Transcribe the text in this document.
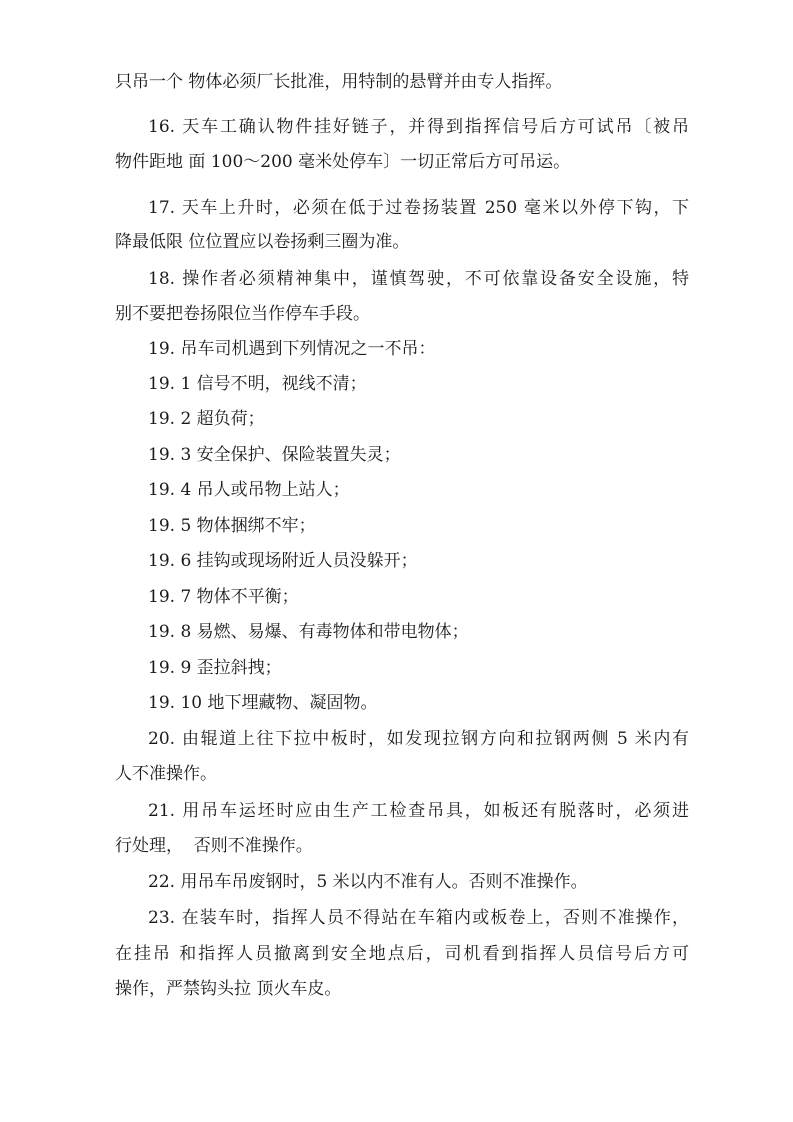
只吊一个 物体必须厂长批准，用特制的悬臂并由专人指挥。

16. 天车工确认物件挂好链子，并得到指挥信号后方可试吊〔被吊

物件距地 面 100〜200 毫米处停车〕一切正常后方可吊运。

17. 天车上升时，必须在低于过卷扬装置 250 毫米以外停下钩，下

降最低限 位位置应以卷扬剩三圈为准。

18. 操作者必须精神集中，谨慎驾驶，不可依靠设备安全设施，特

别不要把卷扬限位当作停车手段。

19. 吊车司机遇到下列情况之一不吊：

19. 1 信号不明，视线不清；

19. 2 超负荷；

19. 3 安全保护、保险装置失灵；

19. 4 吊人或吊物上站人；

19. 5 物体捆绑不牢；

19. 6 挂钩或现场附近人员没躲开；

19. 7 物体不平衡；

19. 8 易燃、易爆、有毒物体和带电物体；

19. 9 歪拉斜拽；

19. 10 地下埋藏物、凝固物。

20. 由辊道上往下拉中板时，如发现拉钢方向和拉钢两侧 5 米内有

人不准操作。

21. 用吊车运坯时应由生产工检查吊具，如板还有脱落时，必须进

行处理，  否则不准操作。

22. 用吊车吊废钢时，5 米以内不准有人。否则不准操作。

23. 在装车时，指挥人员不得站在车箱内或板卷上，否则不准操作，

在挂吊 和指挥人员撤离到安全地点后，司机看到指挥人员信号后方可

操作，严禁钩头拉 顶火车皮。
